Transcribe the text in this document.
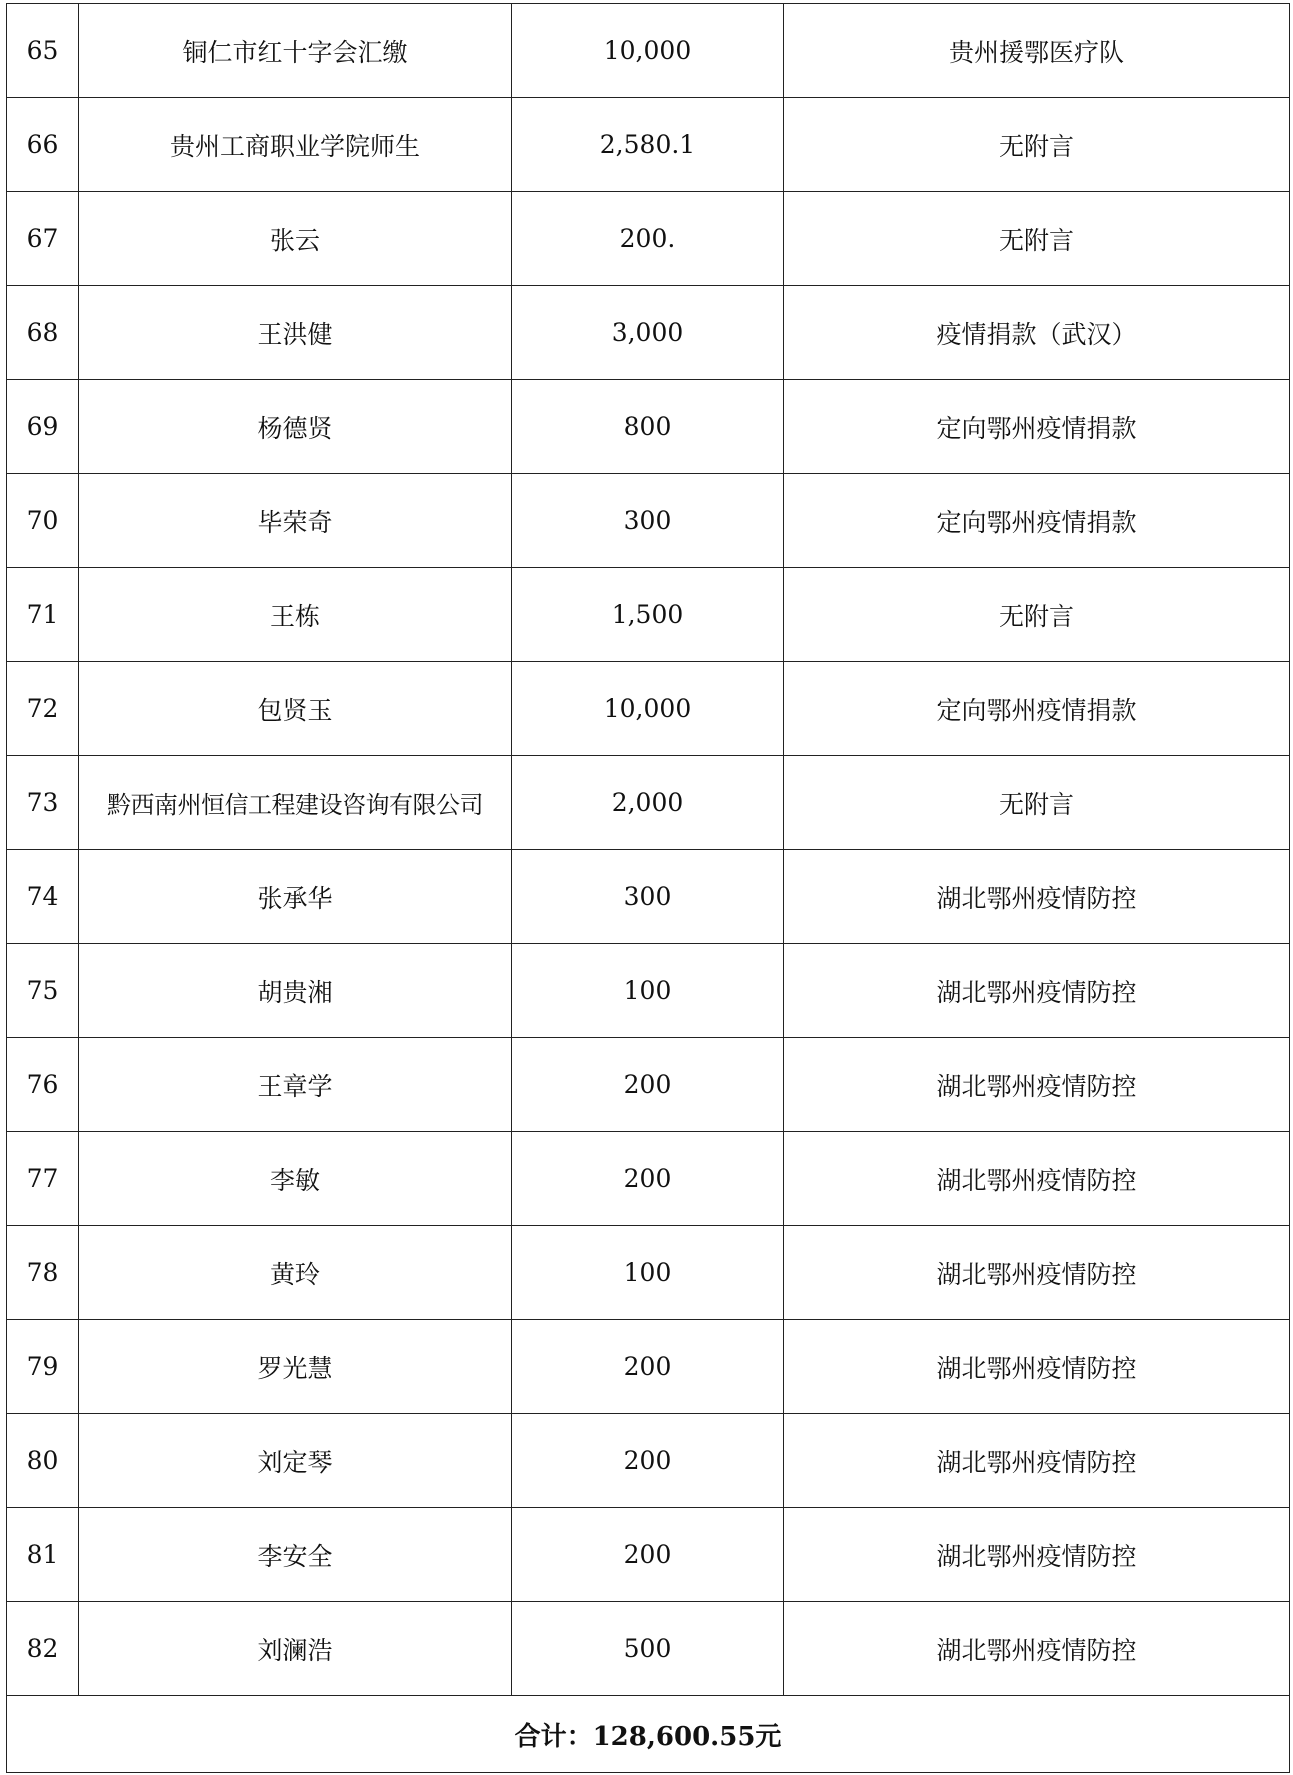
65	铜仁市红十字会汇缴	10,000	贵州援鄂医疗队
66	贵州工商职业学院师生	2,580.1	无附言
67	张云	200.	无附言
68	王洪健	3,000	疫情捐款（武汉）
69	杨德贤	800	定向鄂州疫情捐款
70	毕荣奇	300	定向鄂州疫情捐款
71	王栋	1,500	无附言
72	包贤玉	10,000	定向鄂州疫情捐款
73	黔西南州恒信工程建设咨询有限公司	2,000	无附言
74	张承华	300	湖北鄂州疫情防控
75	胡贵湘	100	湖北鄂州疫情防控
76	王章学	200	湖北鄂州疫情防控
77	李敏	200	湖北鄂州疫情防控
78	黄玲	100	湖北鄂州疫情防控
79	罗光慧	200	湖北鄂州疫情防控
80	刘定琴	200	湖北鄂州疫情防控
81	李安全	200	湖北鄂州疫情防控
82	刘澜浩	500	湖北鄂州疫情防控
合计：128,600.55元			
